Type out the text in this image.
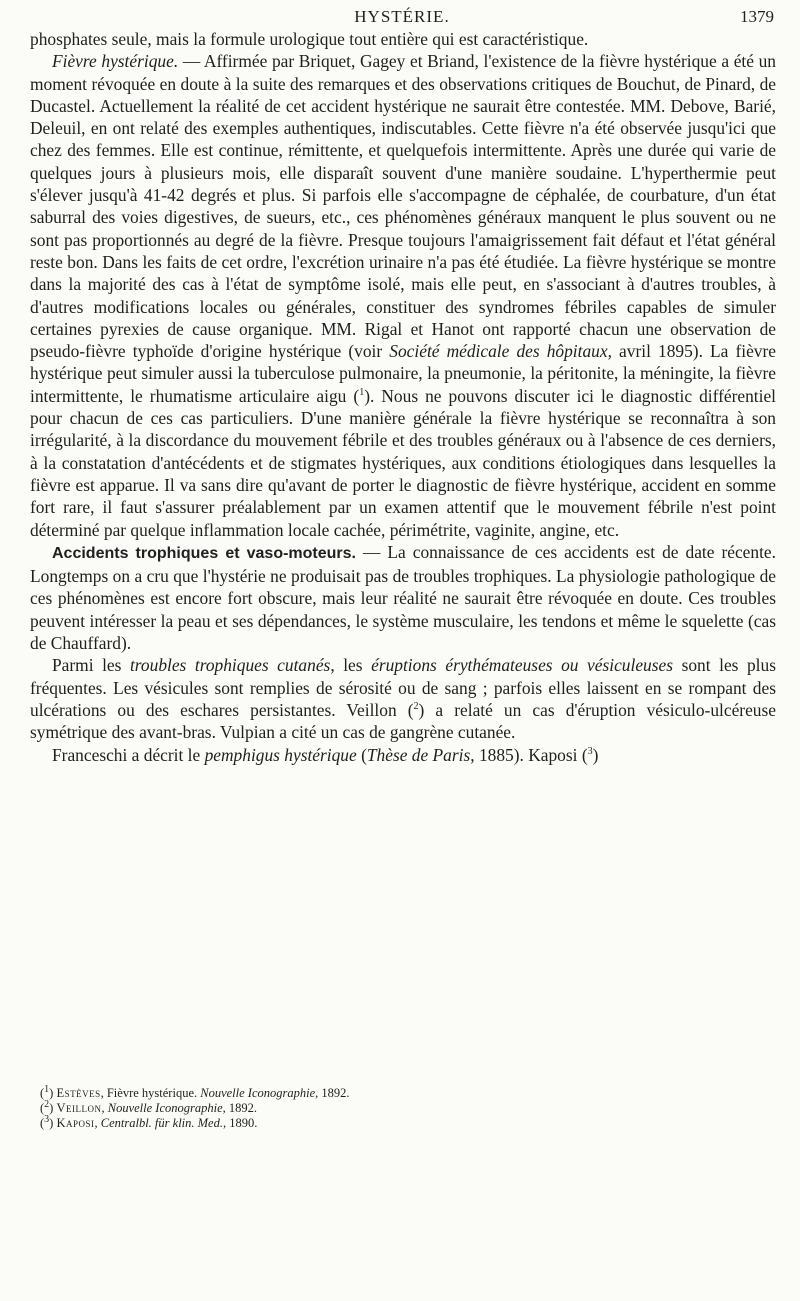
HYSTÉRIE.	1379

phosphates seule, mais la formule urologique tout entière qui est caractéristique.

Fièvre hystérique. — Affirmée par Briquet, Gagey et Briand, l'existence de la fièvre hystérique a été un moment révoquée en doute à la suite des remarques et des observations critiques de Bouchut, de Pinard, de Ducastel. Actuellement la réalité de cet accident hystérique ne saurait être contestée. MM. Debove, Barié, Deleuil, en ont relaté des exemples authentiques, indiscutables. Cette fièvre n'a été observée jusqu'ici que chez des femmes. Elle est continue, rémittente, et quelquefois intermittente. Après une durée qui varie de quelques jours à plusieurs mois, elle disparaît souvent d'une manière soudaine. L'hyperthermie peut s'élever jusqu'à 41-42 degrés et plus. Si parfois elle s'accompagne de céphalée, de courbature, d'un état saburral des voies digestives, de sueurs, etc., ces phénomènes généraux manquent le plus souvent ou ne sont pas proportionnés au degré de la fièvre. Presque toujours l'amaigrissement fait défaut et l'état général reste bon. Dans les faits de cet ordre, l'excrétion urinaire n'a pas été étudiée. La fièvre hystérique se montre dans la majorité des cas à l'état de symptôme isolé, mais elle peut, en s'associant à d'autres troubles, à d'autres modifications locales ou générales, constituer des syndromes fébriles capables de simuler certaines pyrexies de cause organique. MM. Rigal et Hanot ont rapporté chacun une observation de pseudo-fièvre typhoïde d'origine hystérique (voir Société médicale des hôpitaux, avril 1895). La fièvre hystérique peut simuler aussi la tuberculose pulmonaire, la pneumonie, la péritonite, la méningite, la fièvre intermittente, le rhumatisme articulaire aigu ($^1$). Nous ne pouvons discuter ici le diagnostic différentiel pour chacun de ces cas particuliers. D'une manière générale la fièvre hystérique se reconnaîtra à son irrégularité, à la discordance du mouvement fébrile et des troubles généraux ou à l'absence de ces derniers, à la constatation d'antécédents et de stigmates hystériques, aux conditions étiologiques dans lesquelles la fièvre est apparue. Il va sans dire qu'avant de porter le diagnostic de fièvre hystérique, accident en somme fort rare, il faut s'assurer préalablement par un examen attentif que le mouvement fébrile n'est point déterminé par quelque inflammation locale cachée, périmétrite, vaginite, angine, etc.

Accidents trophiques et vaso-moteurs. — La connaissance de ces accidents est de date récente. Longtemps on a cru que l'hystérie ne produisait pas de troubles trophiques. La physiologie pathologique de ces phénomènes est encore fort obscure, mais leur réalité ne saurait être révoquée en doute. Ces troubles peuvent intéresser la peau et ses dépendances, le système musculaire, les tendons et même le squelette (cas de Chauffard).

Parmi les troubles trophiques cutanés, les éruptions érythémateuses ou vésiculeuses sont les plus fréquentes. Les vésicules sont remplies de sérosité ou de sang ; parfois elles laissent en se rompant des ulcérations ou des eschares persistantes. Veillon ($^2$) a relaté un cas d'éruption vésiculo-ulcéreuse symétrique des avant-bras. Vulpian a cité un cas de gangrène cutanée.

Franceschi a décrit le pemphigus hystérique (Thèse de Paris, 1885). Kaposi ($^3$)

($^1$) Estèves, Fièvre hystérique. Nouvelle Iconographie, 1892.
($^2$) Veillon, Nouvelle Iconographie, 1892.
($^3$) Kaposi, Centralbl. für klin. Med., 1890.
